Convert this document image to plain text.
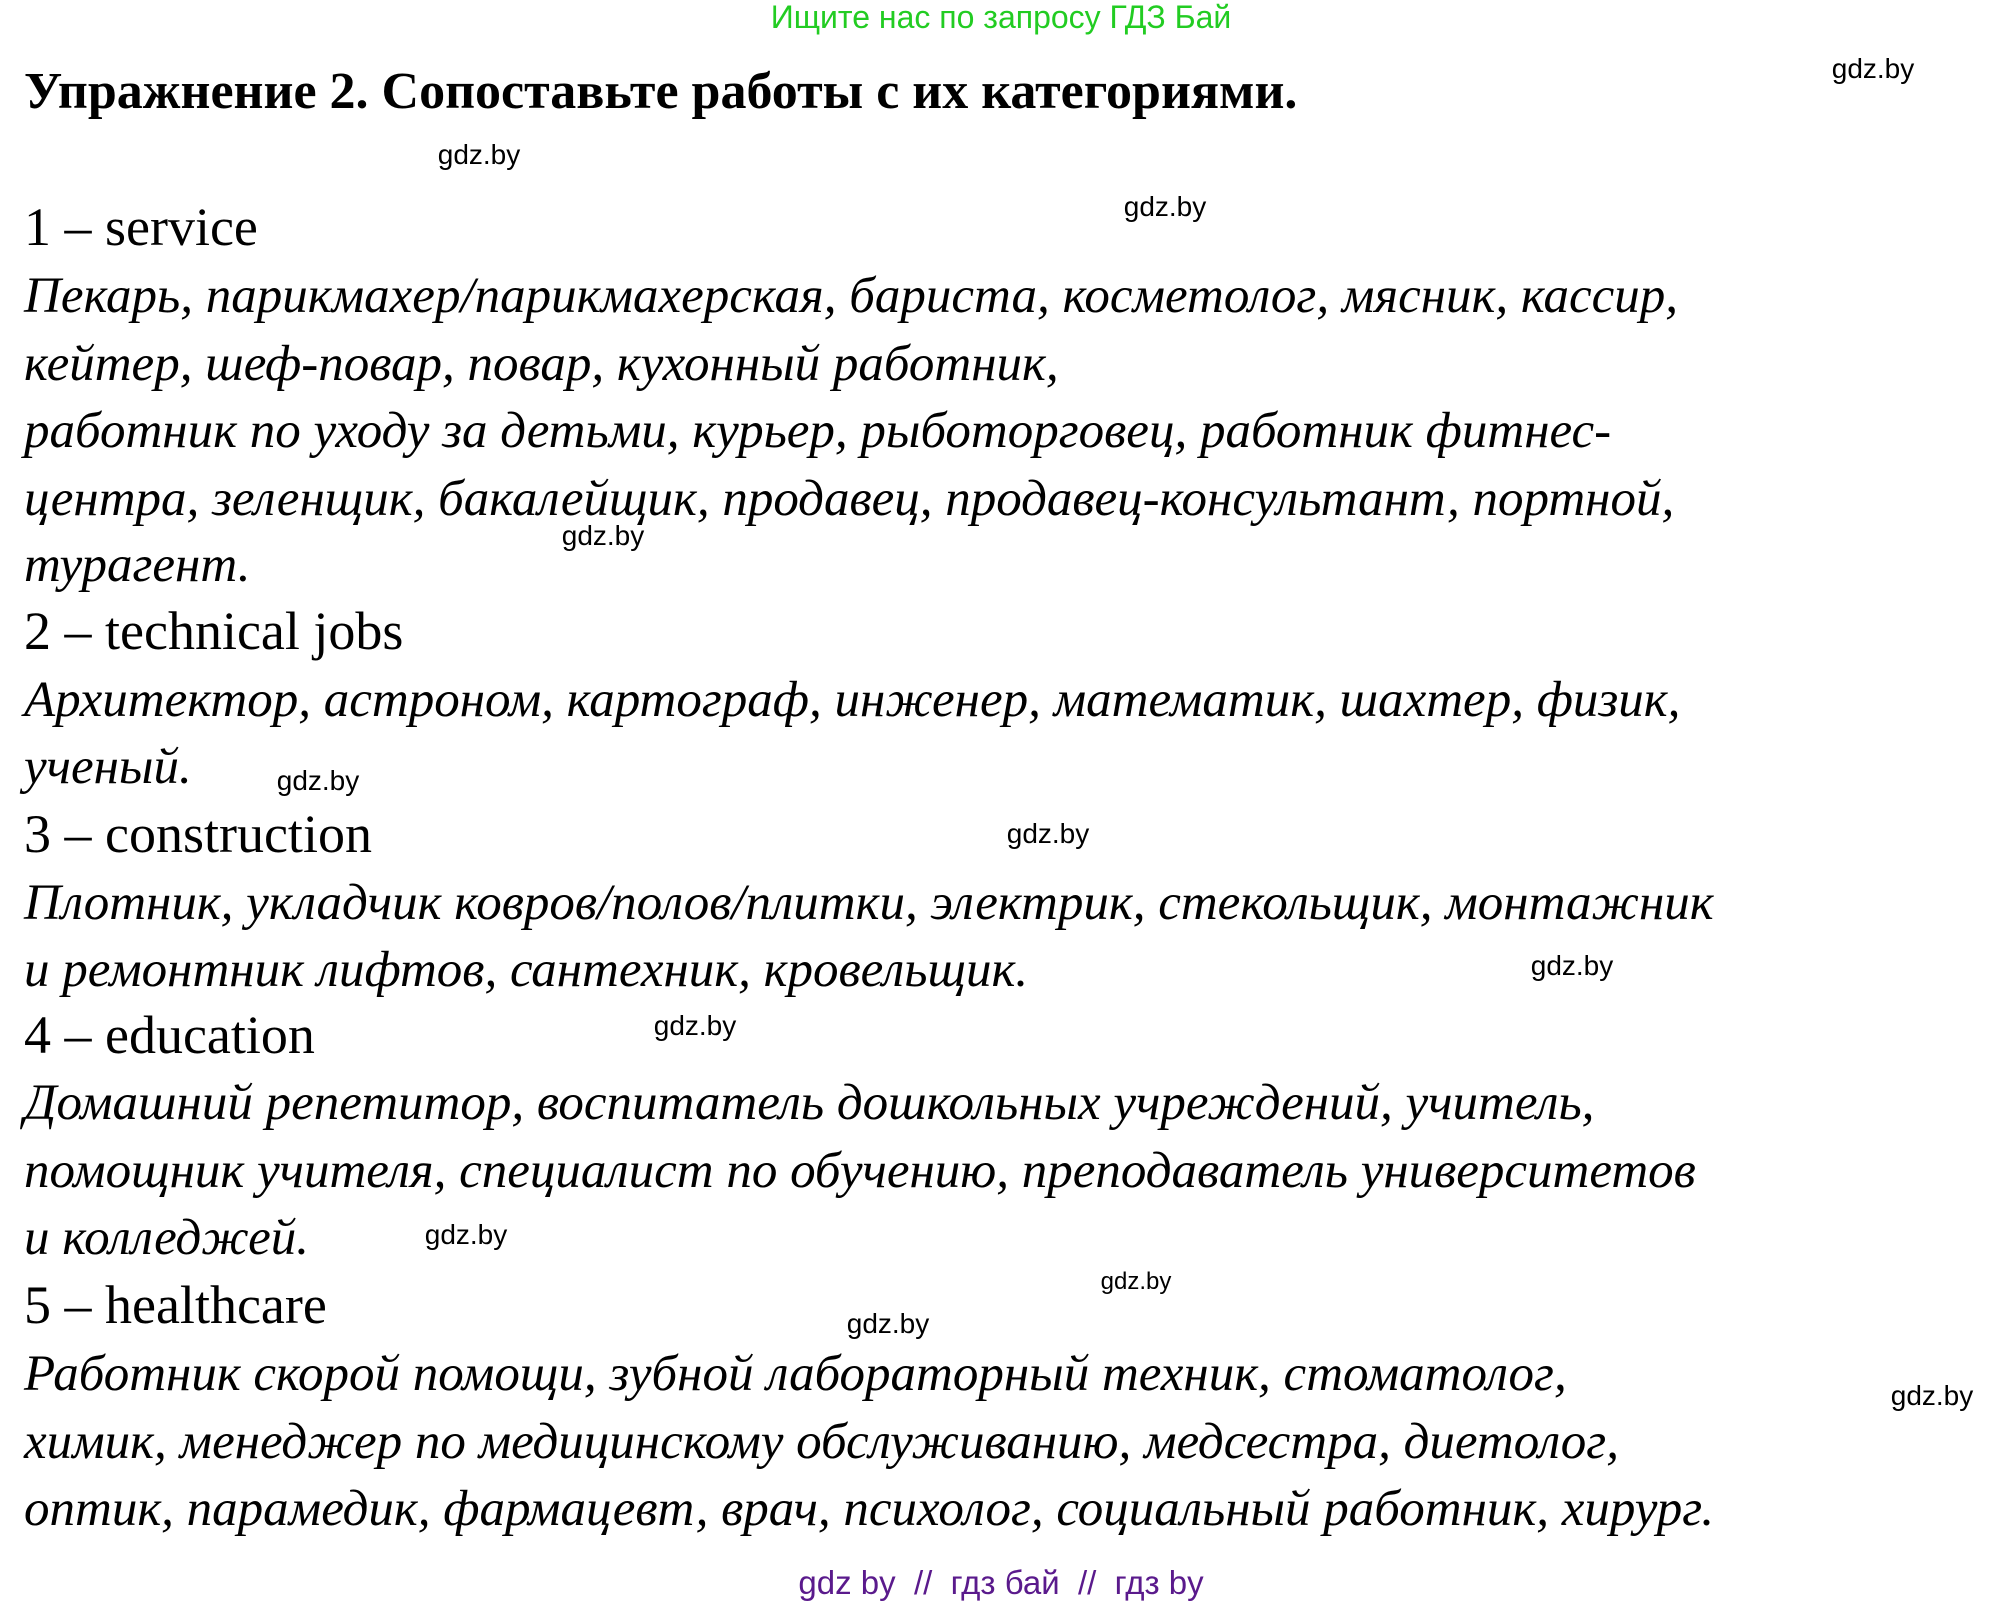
Ищите нас по запросу ГДЗ Бай
Упражнение 2. Сопоставьте работы с их категориями.
1 – service
Пекарь, парикмахер/парикмахерская, бариста, косметолог, мясник, кассир,
кейтер, шеф-повар, повар, кухонный работник,
работник по уходу за детьми, курьер, рыботорговец, работник фитнес-
центра, зеленщик, бакалейщик, продавец, продавец-консультант, портной,
турагент.
2 – technical jobs
Архитектор, астроном, картограф, инженер, математик, шахтер, физик,
ученый.
3 – construction
Плотник, укладчик ковров/полов/плитки, электрик, стекольщик, монтажник
и ремонтник лифтов, сантехник, кровельщик.
4 – education
Домашний репетитор, воспитатель дошкольных учреждений, учитель,
помощник учителя, специалист по обучению, преподаватель университетов
и колледжей.
5 – healthcare
Работник скорой помощи, зубной лабораторный техник, стоматолог,
химик, менеджер по медицинскому обслуживанию, медсестра, диетолог,
оптик, парамедик, фармацевт, врач, психолог, социальный работник, хирург.
gdz.by
gdz.by
gdz.by
gdz.by
gdz.by
gdz.by
gdz.by
gdz.by
gdz.by
gdz.by
gdz.by
gdz.by
gdz by  //  гдз бай  //  гдз by
